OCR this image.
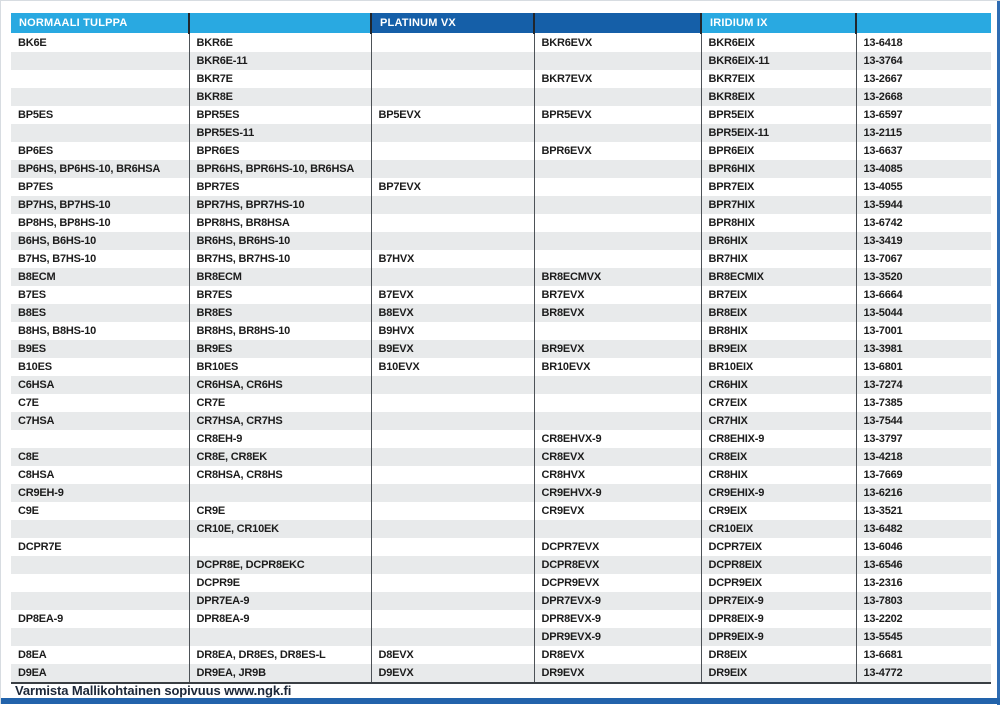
NORMAALI TULPPA		PLATINUM VX		IRIDIUM IX	
BK6E	BKR6E		BKR6EVX	BKR6EIX	13-6418
	BKR6E-11			BKR6EIX-11	13-3764
	BKR7E		BKR7EVX	BKR7EIX	13-2667
	BKR8E			BKR8EIX	13-2668
BP5ES	BPR5ES	BP5EVX	BPR5EVX	BPR5EIX	13-6597
	BPR5ES-11			BPR5EIX-11	13-2115
BP6ES	BPR6ES		BPR6EVX	BPR6EIX	13-6637
BP6HS, BP6HS-10, BR6HSA	BPR6HS, BPR6HS-10, BR6HSA			BPR6HIX	13-4085
BP7ES	BPR7ES	BP7EVX		BPR7EIX	13-4055
BP7HS, BP7HS-10	BPR7HS, BPR7HS-10			BPR7HIX	13-5944
BP8HS, BP8HS-10	BPR8HS, BR8HSA			BPR8HIX	13-6742
B6HS, B6HS-10	BR6HS, BR6HS-10			BR6HIX	13-3419
B7HS, B7HS-10	BR7HS, BR7HS-10	B7HVX		BR7HIX	13-7067
B8ECM	BR8ECM		BR8ECMVX	BR8ECMIX	13-3520
B7ES	BR7ES	B7EVX	BR7EVX	BR7EIX	13-6664
B8ES	BR8ES	B8EVX	BR8EVX	BR8EIX	13-5044
B8HS, B8HS-10	BR8HS, BR8HS-10	B9HVX		BR8HIX	13-7001
B9ES	BR9ES	B9EVX	BR9EVX	BR9EIX	13-3981
B10ES	BR10ES	B10EVX	BR10EVX	BR10EIX	13-6801
C6HSA	CR6HSA, CR6HS			CR6HIX	13-7274
C7E	CR7E			CR7EIX	13-7385
C7HSA	CR7HSA, CR7HS			CR7HIX	13-7544
	CR8EH-9		CR8EHVX-9	CR8EHIX-9	13-3797
C8E	CR8E, CR8EK		CR8EVX	CR8EIX	13-4218
C8HSA	CR8HSA, CR8HS		CR8HVX	CR8HIX	13-7669
CR9EH-9			CR9EHVX-9	CR9EHIX-9	13-6216
C9E	CR9E		CR9EVX	CR9EIX	13-3521
	CR10E, CR10EK			CR10EIX	13-6482
DCPR7E			DCPR7EVX	DCPR7EIX	13-6046
	DCPR8E, DCPR8EKC		DCPR8EVX	DCPR8EIX	13-6546
	DCPR9E		DCPR9EVX	DCPR9EIX	13-2316
	DPR7EA-9		DPR7EVX-9	DPR7EIX-9	13-7803
DP8EA-9	DPR8EA-9		DPR8EVX-9	DPR8EIX-9	13-2202
			DPR9EVX-9	DPR9EIX-9	13-5545
D8EA	DR8EA, DR8ES, DR8ES-L	D8EVX	DR8EVX	DR8EIX	13-6681
D9EA	DR9EA, JR9B	D9EVX	DR9EVX	DR9EIX	13-4772
Varmista Mallikohtainen sopivuus www.ngk.fi
